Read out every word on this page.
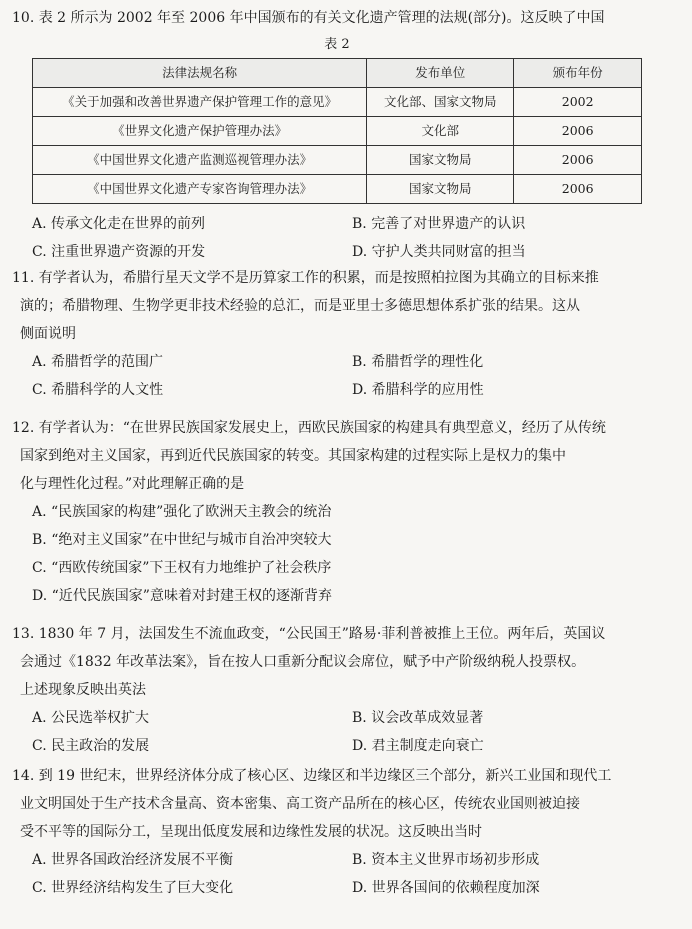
10. 表 2 所示为 2002 年至 2006 年中国颁布的有关文化遗产管理的法规(部分)。这反映了中国
表 2
法律法规名称	发布单位	颁布年份
《关于加强和改善世界遗产保护管理工作的意见》	文化部、国家文物局	2002
《世界文化遗产保护管理办法》	文化部	2006
《中国世界文化遗产监测巡视管理办法》	国家文物局	2006
《中国世界文化遗产专家咨询管理办法》	国家文物局	2006
A. 传承文化走在世界的前列	B. 完善了对世界遗产的认识
C. 注重世界遗产资源的开发	D. 守护人类共同财富的担当
11. 有学者认为，希腊行星天文学不是历算家工作的积累，而是按照柏拉图为其确立的目标来推
演的；希腊物理、生物学更非技术经验的总汇，而是亚里士多德思想体系扩张的结果。这从
侧面说明
A. 希腊哲学的范围广	B. 希腊哲学的理性化
C. 希腊科学的人文性	D. 希腊科学的应用性
12. 有学者认为：“在世界民族国家发展史上，西欧民族国家的构建具有典型意义，经历了从传统
国家到绝对主义国家，再到近代民族国家的转变。其国家构建的过程实际上是权力的集中
化与理性化过程。”对此理解正确的是
A. “民族国家的构建”强化了欧洲天主教会的统治
B. “绝对主义国家”在中世纪与城市自治冲突较大
C. “西欧传统国家”下王权有力地维护了社会秩序
D. “近代民族国家”意味着对封建王权的逐渐背弃
13. 1830 年 7 月，法国发生不流血政变，“公民国王”路易·菲利普被推上王位。两年后，英国议
会通过《1832 年改革法案》，旨在按人口重新分配议会席位，赋予中产阶级纳税人投票权。
上述现象反映出英法
A. 公民选举权扩大	B. 议会改革成效显著
C. 民主政治的发展	D. 君主制度走向衰亡
14. 到 19 世纪末，世界经济体分成了核心区、边缘区和半边缘区三个部分，新兴工业国和现代工
业文明国处于生产技术含量高、资本密集、高工资产品所在的核心区，传统农业国则被迫接
受不平等的国际分工，呈现出低度发展和边缘性发展的状况。这反映出当时
A. 世界各国政治经济发展不平衡	B. 资本主义世界市场初步形成
C. 世界经济结构发生了巨大变化	D. 世界各国间的依赖程度加深
